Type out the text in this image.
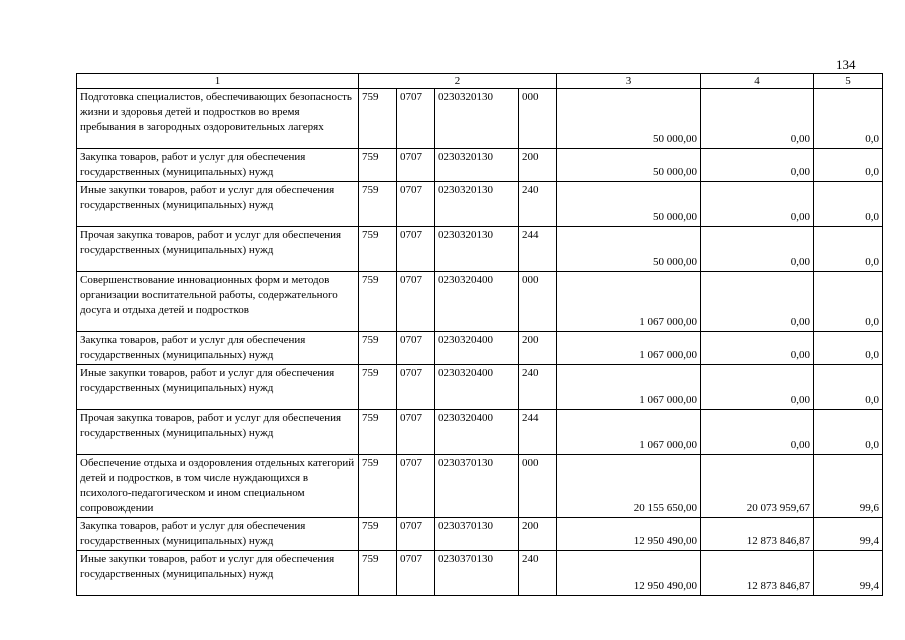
134
1	2				3	4	5
Подготовка специалистов, обеспечивающих безопасность жизни и здоровья детей и подростков во время пребывания в загородных оздоровительных лагерях	759	0707	0230320130	000	50 000,00	0,00	0,0
Закупка товаров, работ и услуг для обеспечения государственных (муниципальных) нужд	759	0707	0230320130	200	50 000,00	0,00	0,0
Иные закупки товаров, работ и услуг для обеспечения государственных (муниципальных) нужд	759	0707	0230320130	240	50 000,00	0,00	0,0
Прочая закупка товаров, работ и услуг для обеспечения государственных (муниципальных) нужд	759	0707	0230320130	244	50 000,00	0,00	0,0
Совершенствование инновационных форм и методов организации воспитательной работы, содержательного досуга и отдыха детей и подростков	759	0707	0230320400	000	1 067 000,00	0,00	0,0
Закупка товаров, работ и услуг для обеспечения государственных (муниципальных) нужд	759	0707	0230320400	200	1 067 000,00	0,00	0,0
Иные закупки товаров, работ и услуг для обеспечения государственных (муниципальных) нужд	759	0707	0230320400	240	1 067 000,00	0,00	0,0
Прочая закупка товаров, работ и услуг для обеспечения государственных (муниципальных) нужд	759	0707	0230320400	244	1 067 000,00	0,00	0,0
Обеспечение отдыха и оздоровления отдельных категорий детей и подростков, в том числе нуждающихся в психолого-педагогическом и ином специальном сопровождении	759	0707	0230370130	000	20 155 650,00	20 073 959,67	99,6
Закупка товаров, работ и услуг для обеспечения государственных (муниципальных) нужд	759	0707	0230370130	200	12 950 490,00	12 873 846,87	99,4
Иные закупки товаров, работ и услуг для обеспечения государственных (муниципальных) нужд	759	0707	0230370130	240	12 950 490,00	12 873 846,87	99,4
